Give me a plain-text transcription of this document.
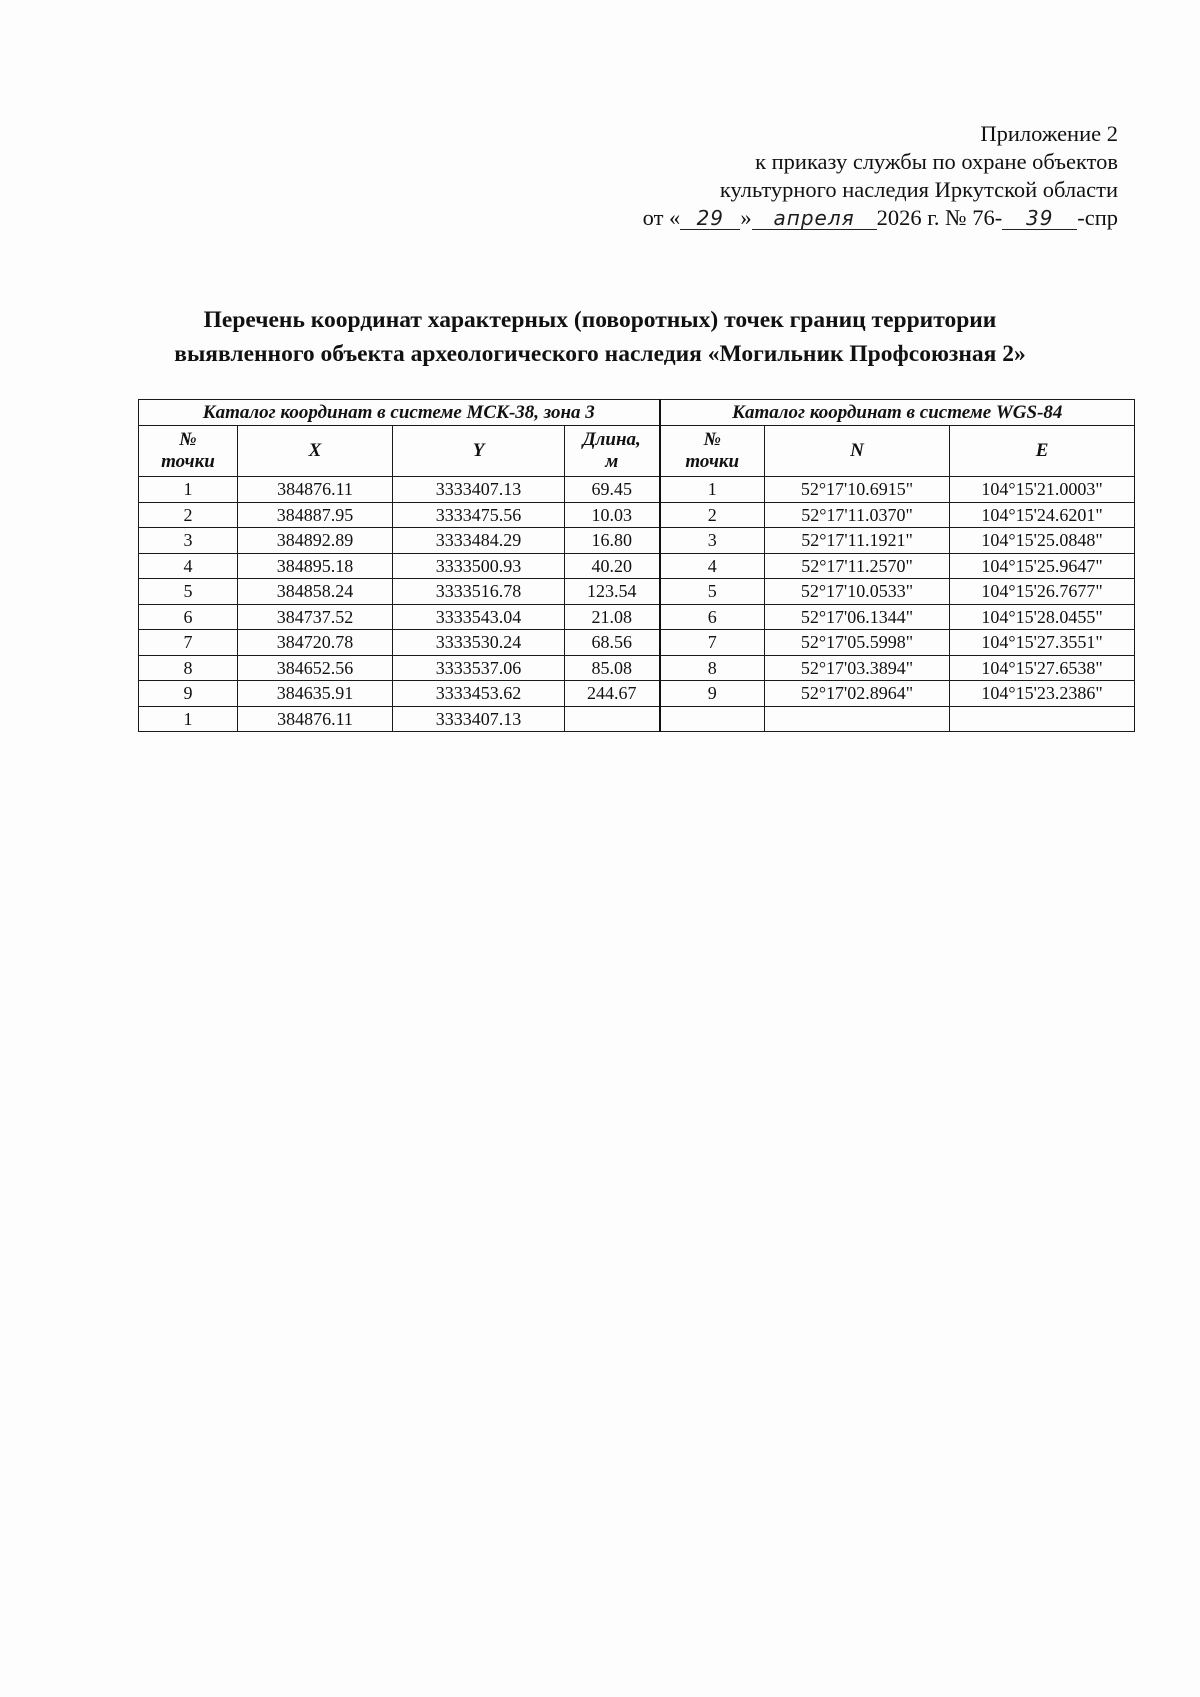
Приложение 2
к приказу службы по охране объектов
культурного наследия Иркутской области
от « 29 » апреля 2026 г. № 76- 39 -спр
Перечень координат характерных (поворотных) точек границ территории
выявленного объекта археологического наследия «Могильник Профсоюзная 2»
Каталог координат в системе МСК-38, зона 3				Каталог координат в системе WGS-84		
№
точки	X	Y	Длина,
м	№
точки	N	E
1	384876.11	3333407.13	69.45	1	52°17'10.6915"	104°15'21.0003"
2	384887.95	3333475.56	10.03	2	52°17'11.0370"	104°15'24.6201"
3	384892.89	3333484.29	16.80	3	52°17'11.1921"	104°15'25.0848"
4	384895.18	3333500.93	40.20	4	52°17'11.2570"	104°15'25.9647"
5	384858.24	3333516.78	123.54	5	52°17'10.0533"	104°15'26.7677"
6	384737.52	3333543.04	21.08	6	52°17'06.1344"	104°15'28.0455"
7	384720.78	3333530.24	68.56	7	52°17'05.5998"	104°15'27.3551"
8	384652.56	3333537.06	85.08	8	52°17'03.3894"	104°15'27.6538"
9	384635.91	3333453.62	244.67	9	52°17'02.8964"	104°15'23.2386"
1	384876.11	3333407.13				
